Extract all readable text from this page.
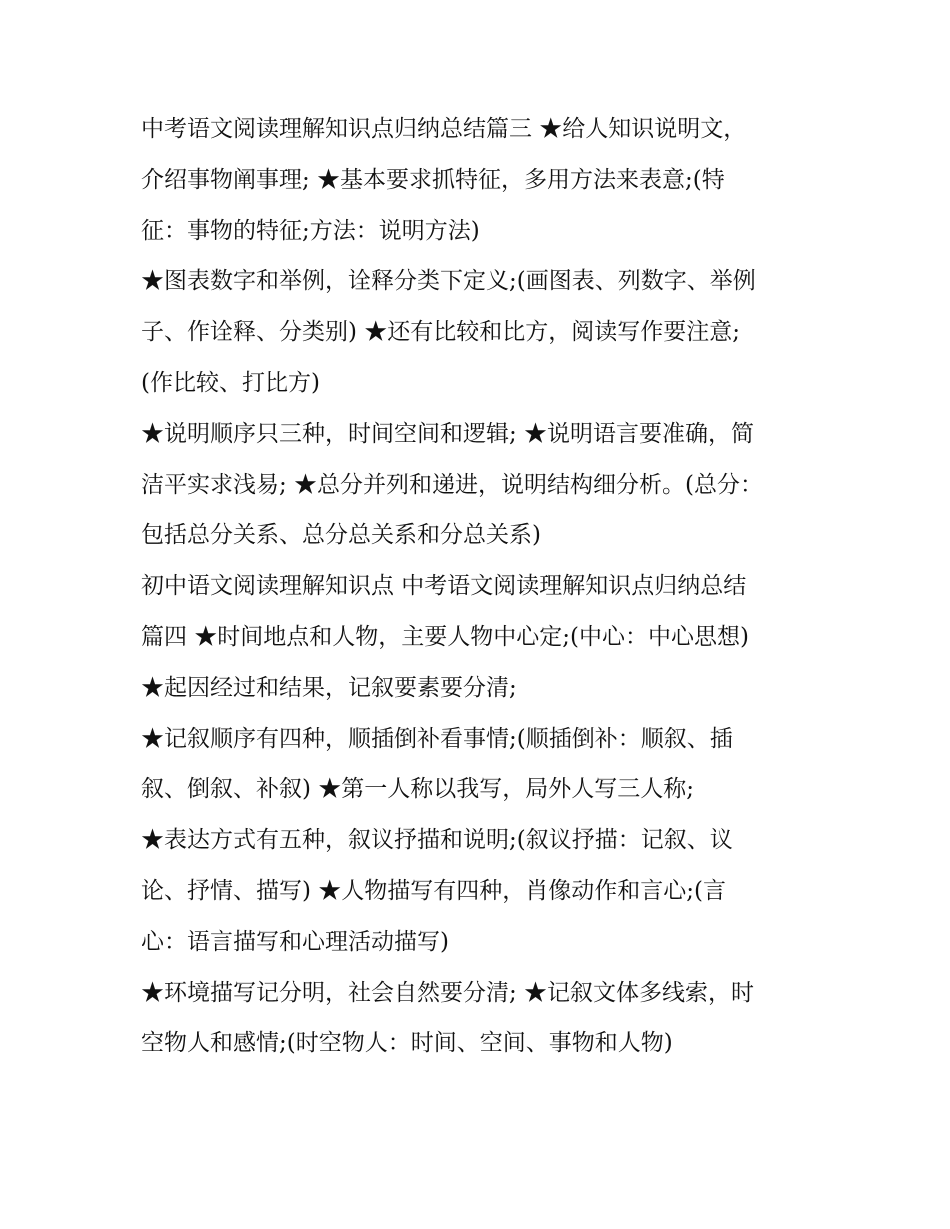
中考语文阅读理解知识点归纳总结篇三 ★给人知识说明文，
介绍事物阐事理; ★基本要求抓特征，多用方法来表意;(特
征：事物的特征;方法：说明方法)
★图表数字和举例，诠释分类下定义;(画图表、列数字、举例
子、作诠释、分类别) ★还有比较和比方，阅读写作要注意;
(作比较、打比方)
★说明顺序只三种，时间空间和逻辑; ★说明语言要准确，简
洁平实求浅易; ★总分并列和递进，说明结构细分析。(总分：
包括总分关系、总分总关系和分总关系)
初中语文阅读理解知识点 中考语文阅读理解知识点归纳总结
篇四 ★时间地点和人物，主要人物中心定;(中心：中心思想)
★起因经过和结果，记叙要素要分清;
★记叙顺序有四种，顺插倒补看事情;(顺插倒补：顺叙、插
叙、倒叙、补叙) ★第一人称以我写，局外人写三人称;
★表达方式有五种，叙议抒描和说明;(叙议抒描：记叙、议
论、抒情、描写) ★人物描写有四种，肖像动作和言心;(言
心：语言描写和心理活动描写)
★环境描写记分明，社会自然要分清; ★记叙文体多线索，时
空物人和感情;(时空物人：时间、空间、事物和人物)
